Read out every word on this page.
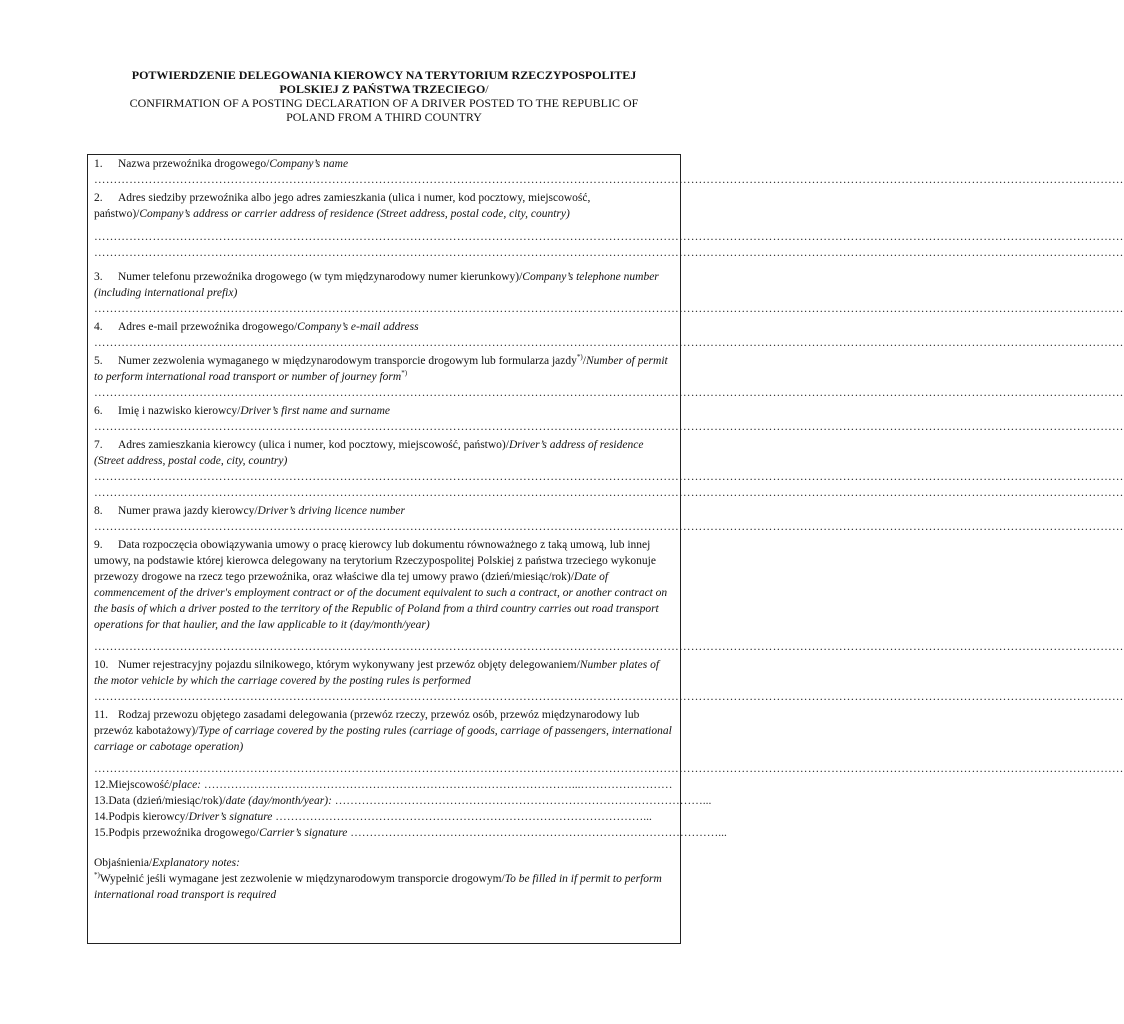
POTWIERDZENIE DELEGOWANIA KIEROWCY NA TERYTORIUM RZECZYPOSPOLITEJ
POLSKIEJ Z PAŃSTWA TRZECIEGO/
CONFIRMATION OF A POSTING DECLARATION OF A DRIVER POSTED TO THE REPUBLIC OF
POLAND FROM A THIRD COUNTRY
1. Nazwa przewoźnika drogowego/Company’s name
…………………………………………………………………………………………………………………………………………………………………………………………………………………………………………
2. Adres siedziby przewoźnika albo jego adres zamieszkania (ulica i numer, kod pocztowy, miejscowość, państwo)/Company’s address or carrier address of residence (Street address, postal code, city, country)
…………………………………………………………………………………………………………………………………………………………………………………………………………………………………………
…………………………………………………………………………………………………………………………………………………………………………………………………………………………………………
3. Numer telefonu przewoźnika drogowego (w tym międzynarodowy numer kierunkowy)/Company’s telephone number (including international prefix)
…………………………………………………………………………………………………………………………………………………………………………………………………………………………………………
4. Adres e-mail przewoźnika drogowego/Company’s e-mail address
…………………………………………………………………………………………………………………………………………………………………………………………………………………………………………
5. Numer zezwolenia wymaganego w międzynarodowym transporcie drogowym lub formularza jazdy*)/Number of permit to perform international road transport or number of journey form*)
…………………………………………………………………………………………………………………………………………………………………………………………………………………………………………
6. Imię i nazwisko kierowcy/Driver’s first name and surname
…………………………………………………………………………………………………………………………………………………………………………………………………………………………………………
7. Adres zamieszkania kierowcy (ulica i numer, kod pocztowy, miejscowość, państwo)/Driver’s address of residence (Street address, postal code, city, country)
…………………………………………………………………………………………………………………………………………………………………………………………………………………………………………
…………………………………………………………………………………………………………………………………………………………………………………………………………………………………………
8. Numer prawa jazdy kierowcy/Driver’s driving licence number
…………………………………………………………………………………………………………………………………………………………………………………………………………………………………………
9. Data rozpoczęcia obowiązywania umowy o pracę kierowcy lub dokumentu równoważnego z taką umową, lub innej umowy, na podstawie której kierowca delegowany na terytorium Rzeczypospolitej Polskiej z państwa trzeciego wykonuje przewozy drogowe na rzecz tego przewoźnika, oraz właściwe dla tej umowy prawo (dzień/miesiąc/rok)/Date of commencement of the driver's employment contract or of the document equivalent to such a contract, or another contract on the basis of which a driver posted to the territory of the Republic of Poland from a third country carries out road transport operations for that haulier, and the law applicable to it (day/month/year)
…………………………………………………………………………………………………………………………………………………………………………………………………………………………………………
10. Numer rejestracyjny pojazdu silnikowego, którym wykonywany jest przewóz objęty delegowaniem/Number plates of the motor vehicle by which the carriage covered by the posting rules is performed
…………………………………………………………………………………………………………………………………………………………………………………………………………………………………………
11. Rodzaj przewozu objętego zasadami delegowania (przewóz rzeczy, przewóz osób, przewóz międzynarodowy lub przewóz kabotażowy)/Type of carriage covered by the posting rules (carriage of goods, carriage of passengers, international carriage or cabotage operation)
…………………………………………………………………………………………………………………………………………………………………………………………………………………………………………
12.Miejscowość/place: ……………………………………………………………………………………...……………………
13.Data (dzień/miesiąc/rok)/date (day/month/year): ……………………………………………………………………………………...
14.Podpis kierowcy/Driver’s signature ……………………………………………………………………………………...
15.Podpis przewoźnika drogowego/Carrier’s signature ……………………………………………………………………………………...
Objaśnienia/Explanatory notes:
*)Wypełnić jeśli wymagane jest zezwolenie w międzynarodowym transporcie drogowym/To be filled in if permit to perform international road transport is required
